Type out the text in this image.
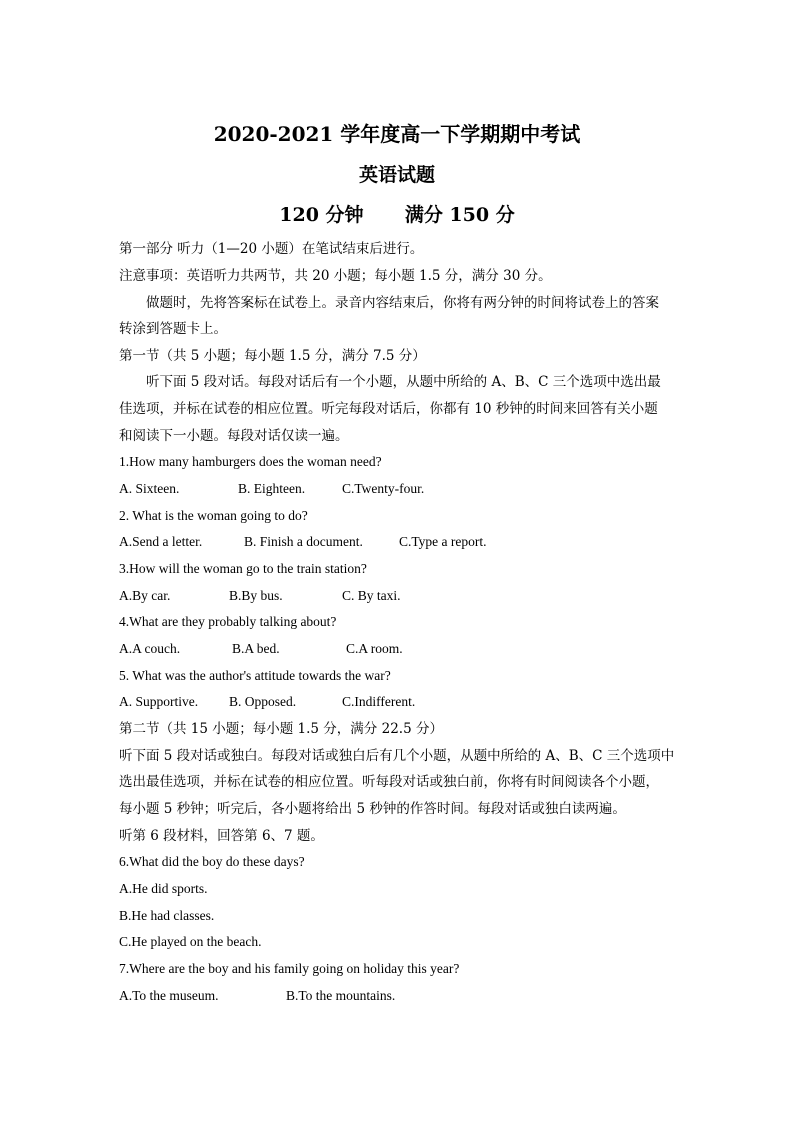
2020-2021 学年度高一下学期期中考试
英语试题
120 分钟 满分 150 分
第一部分 听力（1—20 小题）在笔试结束后进行。
注意事项：英语听力共两节，共 20 小题；每小题 1.5 分，满分 30 分。
做题时，先将答案标在试卷上。录音内容结束后，你将有两分钟的时间将试卷上的答案
转涂到答题卡上。
第一节（共 5 小题；每小题 1.5 分，满分 7.5 分）
听下面 5 段对话。每段对话后有一个小题，从题中所给的 A、B、C 三个选项中选出最
佳选项，并标在试卷的相应位置。听完每段对话后，你都有 10 秒钟的时间来回答有关小题
和阅读下一小题。每段对话仅读一遍。
1.How many hamburgers does the woman need?
A. Sixteen.	B. Eighteen.	C.Twenty-four.
2. What is the woman going to do?
A.Send a letter.	B. Finish a document.	C.Type a report.
3.How will the woman go to the train station?
A.By car.	B.By bus.	C. By taxi.
4.What are they probably talking about?
A.A couch.	B.A bed.	C.A room.
5. What was the author's attitude towards the war?
A. Supportive. B. Opposed.	C.Indifferent.
第二节（共 15 小题；每小题 1.5 分，满分 22.5 分）
听下面 5 段对话或独白。每段对话或独白后有几个小题，从题中所给的 A、B、C 三个选项中
选出最佳选项，并标在试卷的相应位置。听每段对话或独白前，你将有时间阅读各个小题，
每小题 5 秒钟；听完后，各小题将给出 5 秒钟的作答时间。每段对话或独白读两遍。
听第 6 段材料，回答第 6、7 题。
6.What did the boy do these days?
A.He did sports.
B.He had classes.
C.He played on the beach.
7.Where are the boy and his family going on holiday this year?
A.To the museum.	B.To the mountains.
